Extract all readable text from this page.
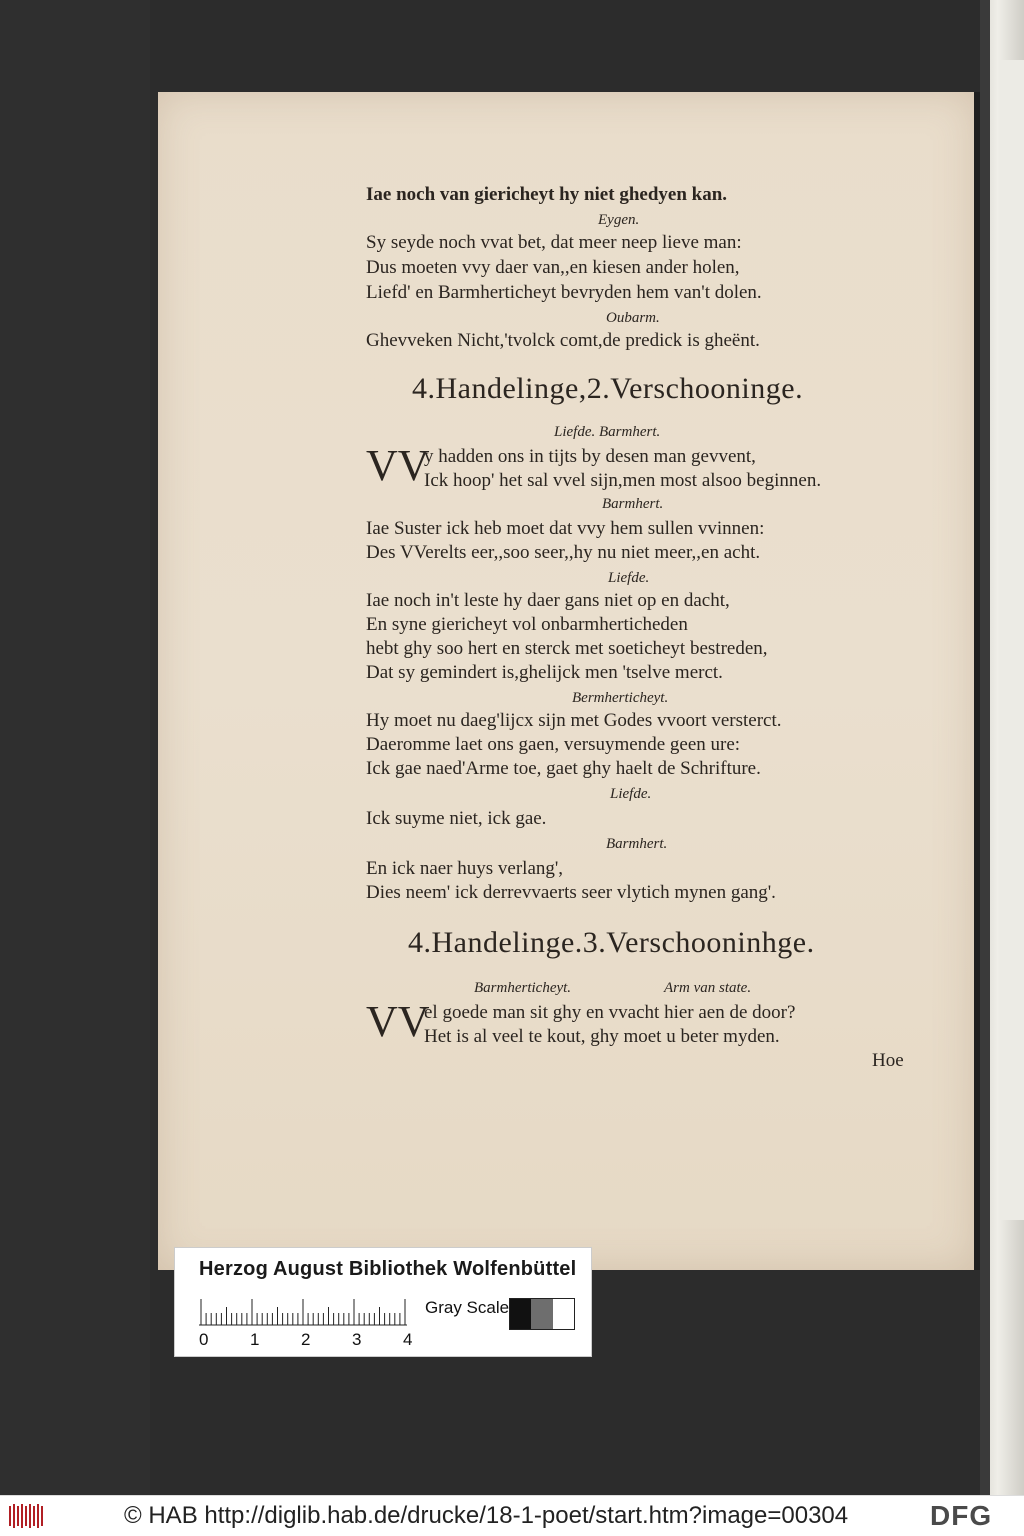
Iae noch van giericheyt hy niet ghedyen kan.
Eygen.
Sy seyde noch vvat bet, dat meer neep lieve man:
Dus moeten vvy daer van,,en kiesen ander holen,
Liefd' en Barmherticheyt bevryden hem van't dolen.
Oubarm.
Ghevveken Nicht,'tvolck comt,de predick is gheënt.
4.Handelinge,2.Verschooninge.
Liefde. Barmhert.
VV
y hadden ons in tijts by desen man gevvent,
Ick hoop' het sal vvel sijn,men most alsoo beginnen.
Barmhert.
Iae Suster ick heb moet dat vvy hem sullen vvinnen:
Des VVerelts eer,,soo seer,,hy nu niet meer,,en acht.
Liefde.
Iae noch in't leste hy daer gans niet op en dacht,
En syne giericheyt vol onbarmherticheden
hebt ghy soo hert en sterck met soeticheyt bestreden,
Dat sy gemindert is,ghelijck men 'tselve merct.
Bermherticheyt.
Hy moet nu daeg'lijcx sijn met Godes vvoort versterct.
Daeromme laet ons gaen, versuymende geen ure:
Ick gae naed'Arme toe, gaet ghy haelt de Schrifture.
Liefde.
Ick suyme niet, ick gae.
Barmhert.
En ick naer huys verlang',
Dies neem' ick derrevvaerts seer vlytich mynen gang'.
4.Handelinge.3.Verschooninhge.
Barmherticheyt.	Arm van state.
VV
el goede man sit ghy en vvacht hier aen de door?
Het is al veel te kout, ghy moet u beter myden.
Hoe
Herzog August Bibliothek Wolfenbüttel
0 1 2 3 4
Gray Scale
© HAB http://diglib.hab.de/drucke/18-1-poet/start.htm?image=00304	DFG
